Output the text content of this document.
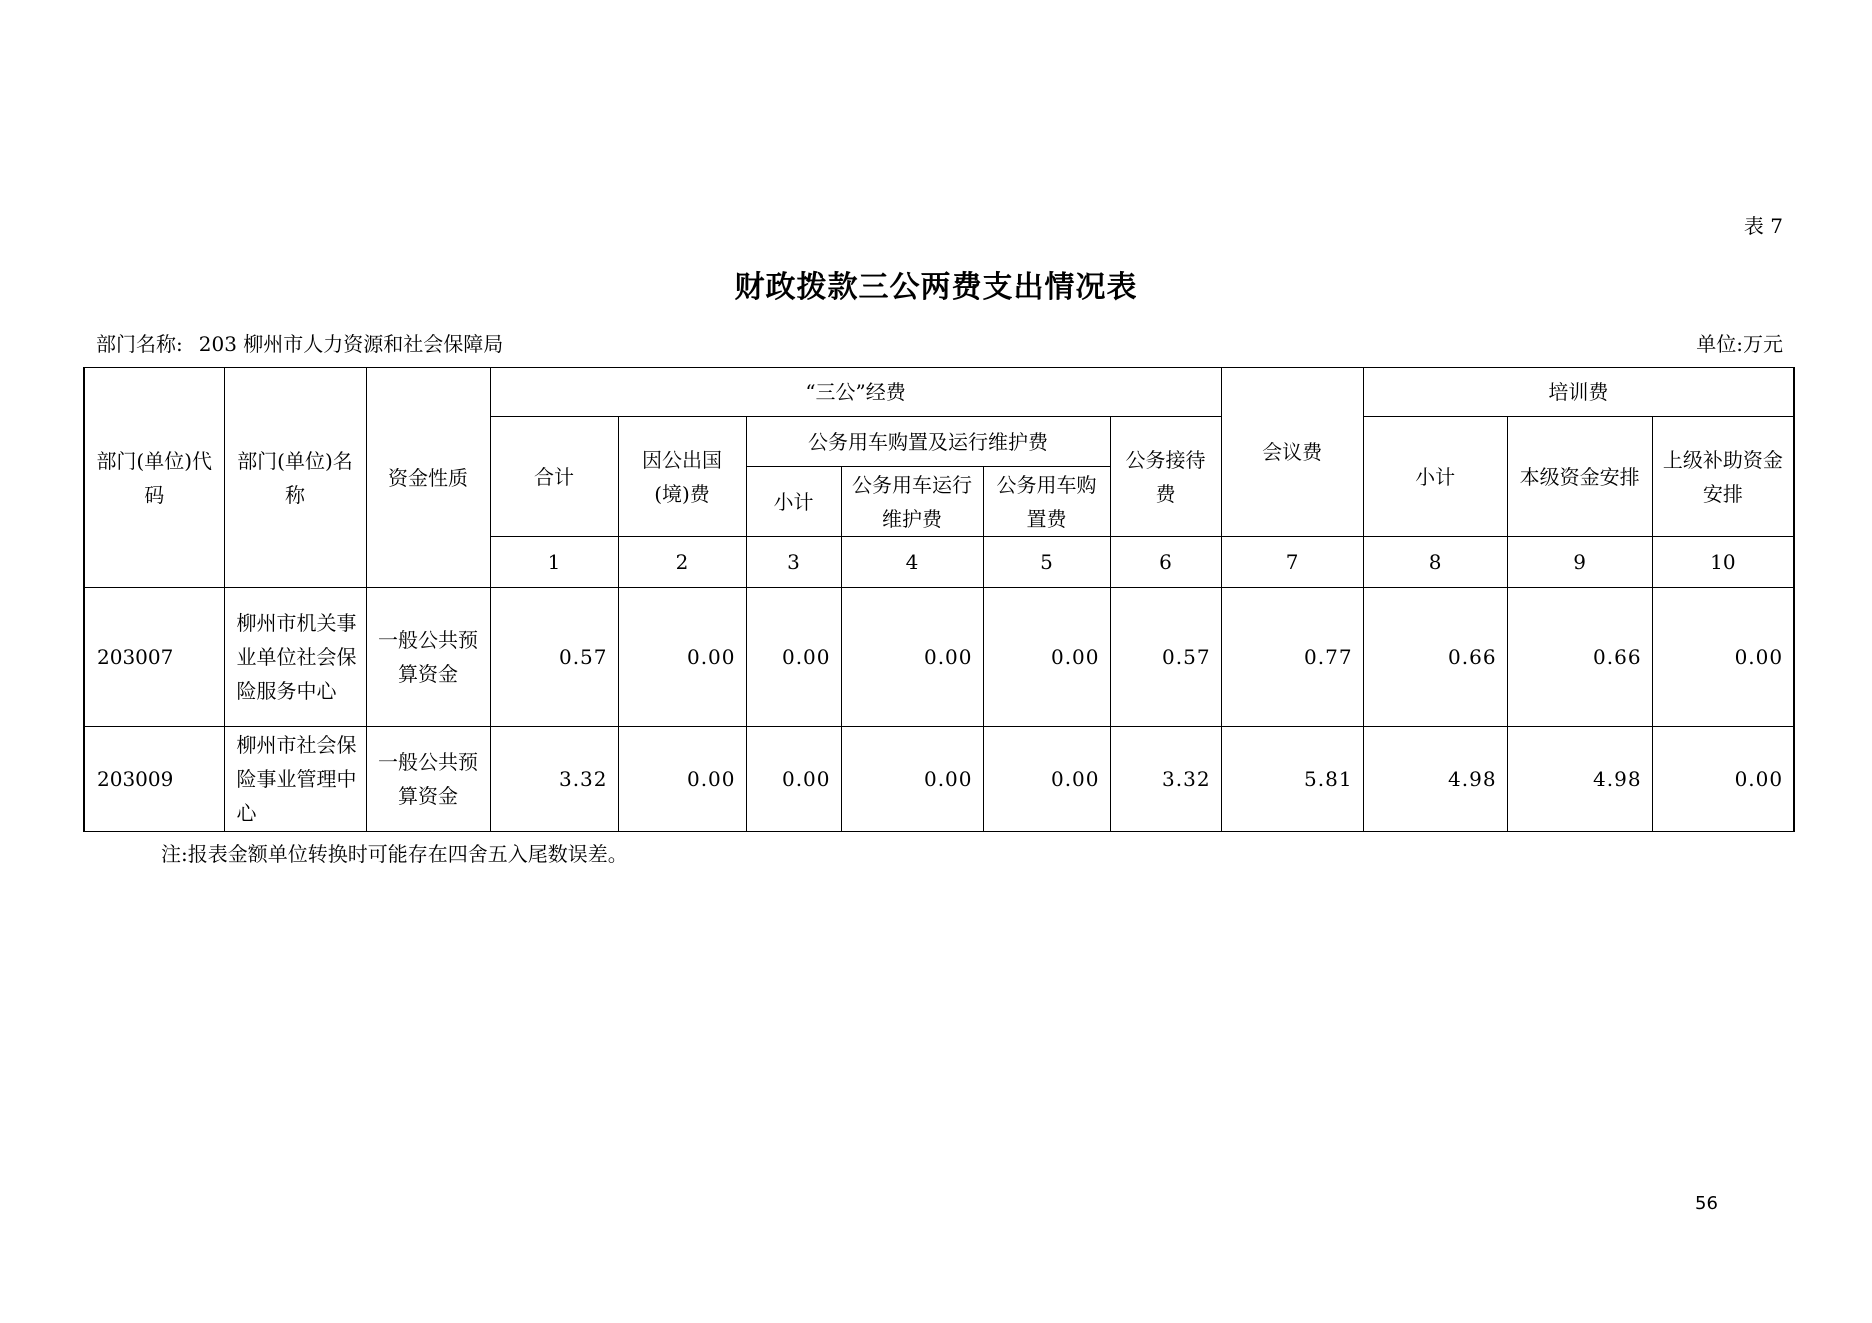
表 7
财政拨款三公两费支出情况表
部门名称: 203 柳州市人力资源和社会保障局	单位:万元
部门(单位)代码	部门(单位)名称	资金性质	“三公”经费						会议费	培训费		
			合计	因公出国(境)费	公务用车购置及运行维护费			公务接待费		小计	本级资金安排	上级补助资金安排
					小计	公务用车运行维护费	公务用车购置费					
			1	2	3	4	5	6	7	8	9	10
203007	柳州市机关事业单位社会保险服务中心	一般公共预算资金	0.57	0.00	0.00	0.00	0.00	0.57	0.77	0.66	0.66	0.00
203009	柳州市社会保险事业管理中心	一般公共预算资金	3.32	0.00	0.00	0.00	0.00	3.32	5.81	4.98	4.98	0.00
注:报表金额单位转换时可能存在四舍五入尾数误差。
56
